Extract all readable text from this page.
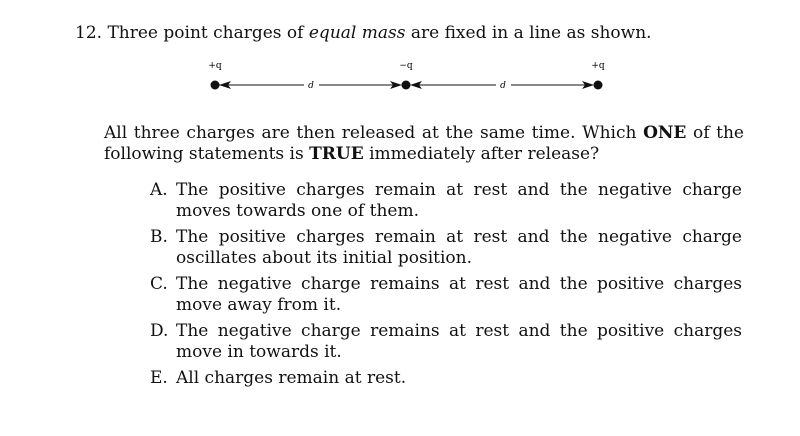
12. Three point charges of equal mass are fixed in a line as shown.
+q	−q	+q
d	d
All three charges are then released at the same time. Which ONE of the following statements is TRUE immediately after release?
A. The positive charges remain at rest and the negative charge moves towards one of them.
B. The positive charges remain at rest and the negative charge oscillates about its initial position.
C. The negative charge remains at rest and the positive charges move away from it.
D. The negative charge remains at rest and the positive charges move in towards it.
E. All charges remain at rest.
